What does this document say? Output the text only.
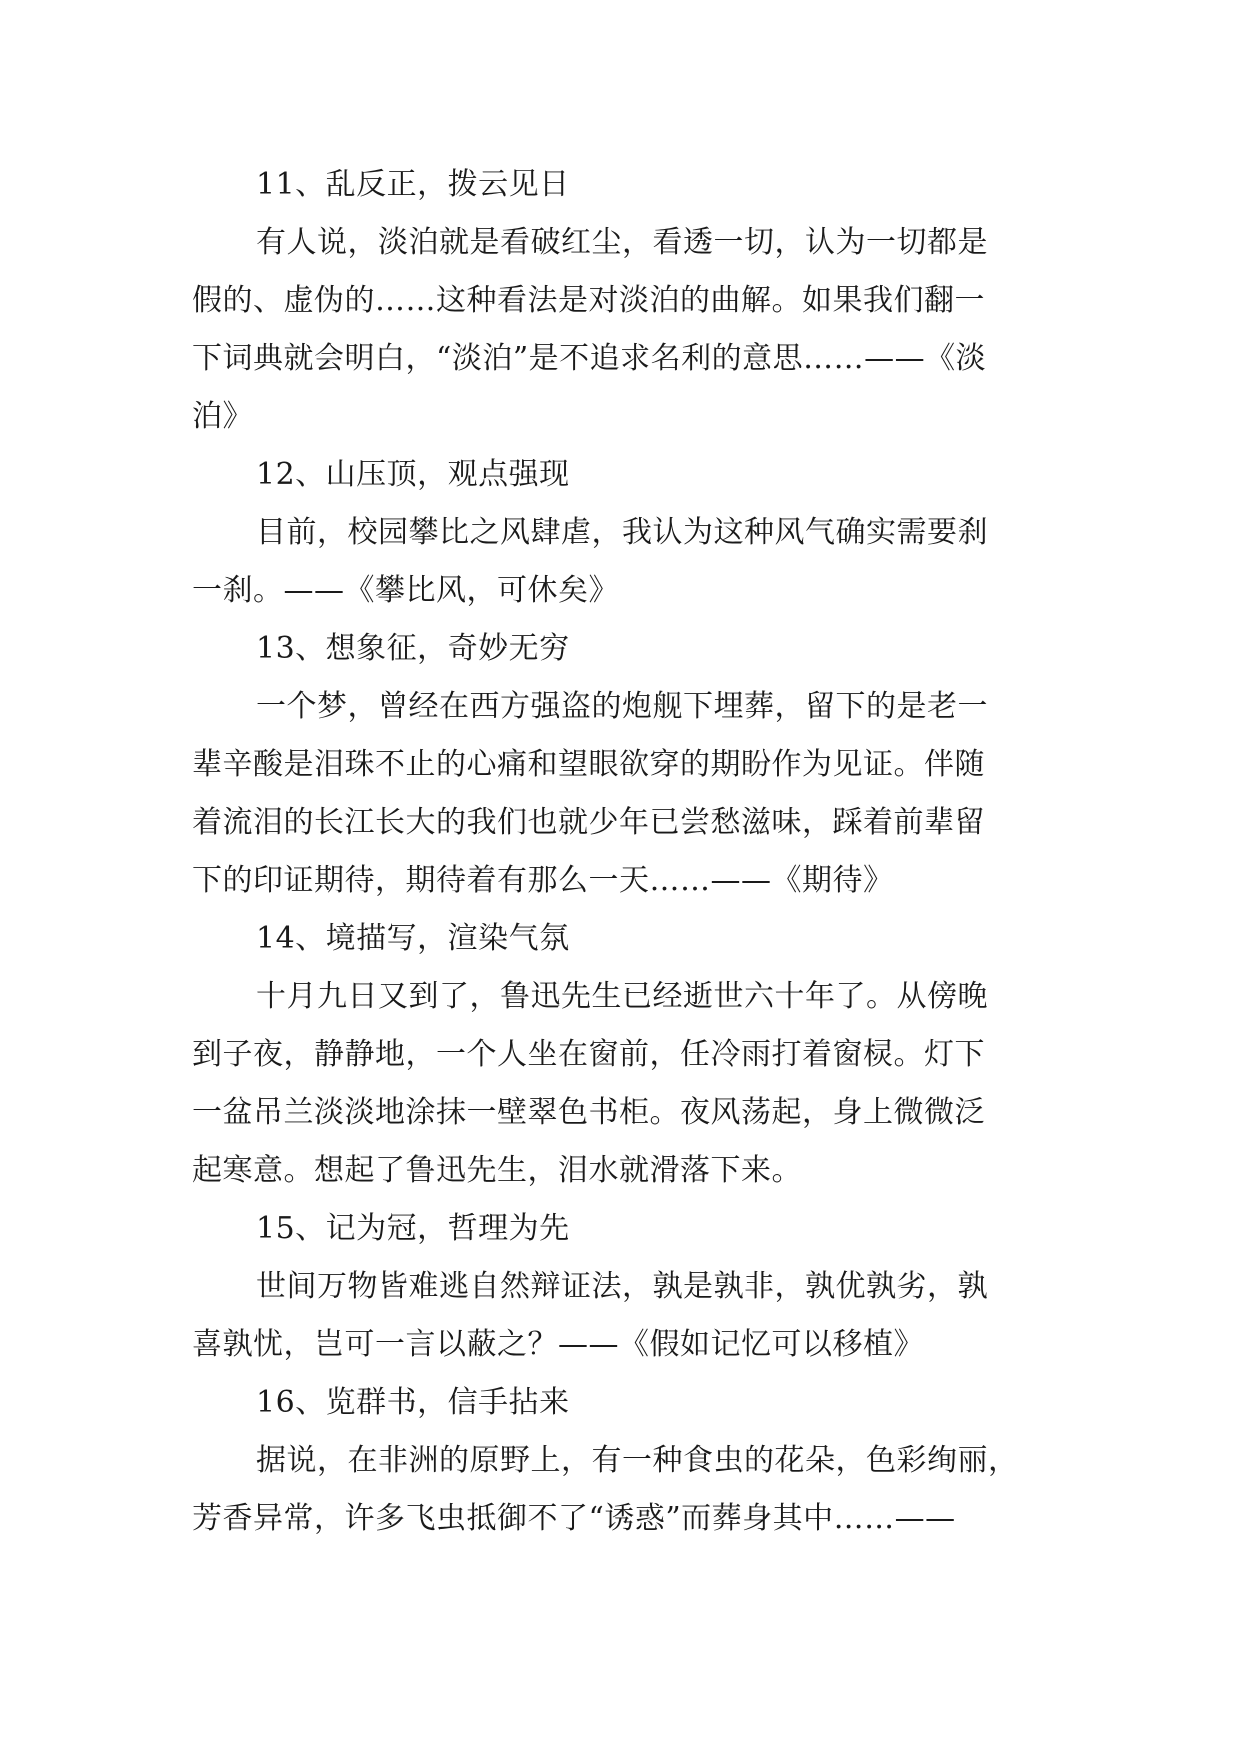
11、乱反正，拨云见日
有人说，淡泊就是看破红尘，看透一切，认为一切都是
假的、虚伪的……这种看法是对淡泊的曲解。如果我们翻一
下词典就会明白，“淡泊”是不追求名利的意思……——《淡
泊》
12、山压顶，观点强现
目前，校园攀比之风肆虐，我认为这种风气确实需要刹
一刹。——《攀比风，可休矣》
13、想象征，奇妙无穷
一个梦，曾经在西方强盗的炮舰下埋葬，留下的是老一
辈辛酸是泪珠不止的心痛和望眼欲穿的期盼作为见证。伴随
着流泪的长江长大的我们也就少年已尝愁滋味，踩着前辈留
下的印证期待，期待着有那么一天……——《期待》
14、境描写，渲染气氛
十月九日又到了，鲁迅先生已经逝世六十年了。从傍晚
到子夜，静静地，一个人坐在窗前，任冷雨打着窗棂。灯下
一盆吊兰淡淡地涂抹一壁翠色书柜。夜风荡起，身上微微泛
起寒意。想起了鲁迅先生，泪水就滑落下来。
15、记为冠，哲理为先
世间万物皆难逃自然辩证法，孰是孰非，孰优孰劣，孰
喜孰忧，岂可一言以蔽之？——《假如记忆可以移植》
16、览群书，信手拈来
据说，在非洲的原野上，有一种食虫的花朵，色彩绚丽，
芳香异常，许多飞虫抵御不了“诱惑”而葬身其中……——
